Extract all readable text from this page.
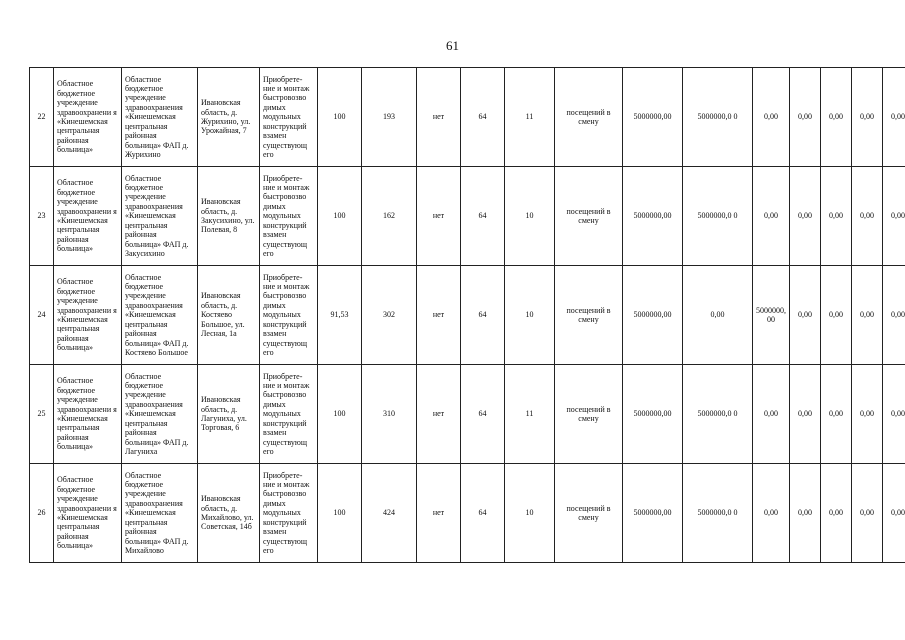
61
22	Областное бюджетное учреждение здравоохранени я «Кинешемская центральная районная больница»	Областное бюджетное учреждение здравоохранения «Кинешемская центральная районная больница» ФАП д. Журихино	Ивановская область, д. Журихино, ул. Урожайная, 7	Приобрете-ние и монтаж быстровозво димых модульных конструкций взамен существующ его	100	193	нет	64	11	посещений в смену	5000000,00	5000000,0 0	0,00	0,00	0,00	0,00	0,00
23	Областное бюджетное учреждение здравоохранени я «Кинешемская центральная районная больница»	Областное бюджетное учреждение здравоохранения «Кинешемская центральная районная больница» ФАП д. Закусихино	Ивановская область, д. Закусихино, ул. Полевая, 8	Приобрете-ние и монтаж быстровозво димых модульных конструкций взамен существующ его	100	162	нет	64	10	посещений в смену	5000000,00	5000000,0 0	0,00	0,00	0,00	0,00	0,00
24	Областное бюджетное учреждение здравоохранени я «Кинешемская центральная районная больница»	Областное бюджетное учреждение здравоохранения «Кинешемская центральная районная больница» ФАП д. Костяево Большое	Ивановская область, д. Костяево Большое, ул. Лесная, 1а	Приобрете-ние и монтаж быстровозво димых модульных конструкций взамен существующ его	91,53	302	нет	64	10	посещений в смену	5000000,00	0,00	5000000, 00	0,00	0,00	0,00	0,00
25	Областное бюджетное учреждение здравоохранени я «Кинешемская центральная районная больница»	Областное бюджетное учреждение здравоохранения «Кинешемская центральная районная больница» ФАП д. Лагуниха	Ивановская область, д. Лагуниха, ул. Торговая, 6	Приобрете-ние и монтаж быстровозво димых модульных конструкций взамен существующ его	100	310	нет	64	11	посещений в смену	5000000,00	5000000,0 0	0,00	0,00	0,00	0,00	0,00
26	Областное бюджетное учреждение здравоохранени я «Кинешемская центральная районная больница»	Областное бюджетное учреждение здравоохранения «Кинешемская центральная районная больница» ФАП д. Михайлово	Ивановская область, д. Михайлово, ул. Советская, 14б	Приобрете-ние и монтаж быстровозво димых модульных конструкций взамен существующ его	100	424	нет	64	10	посещений в смену	5000000,00	5000000,0 0	0,00	0,00	0,00	0,00	0,00
